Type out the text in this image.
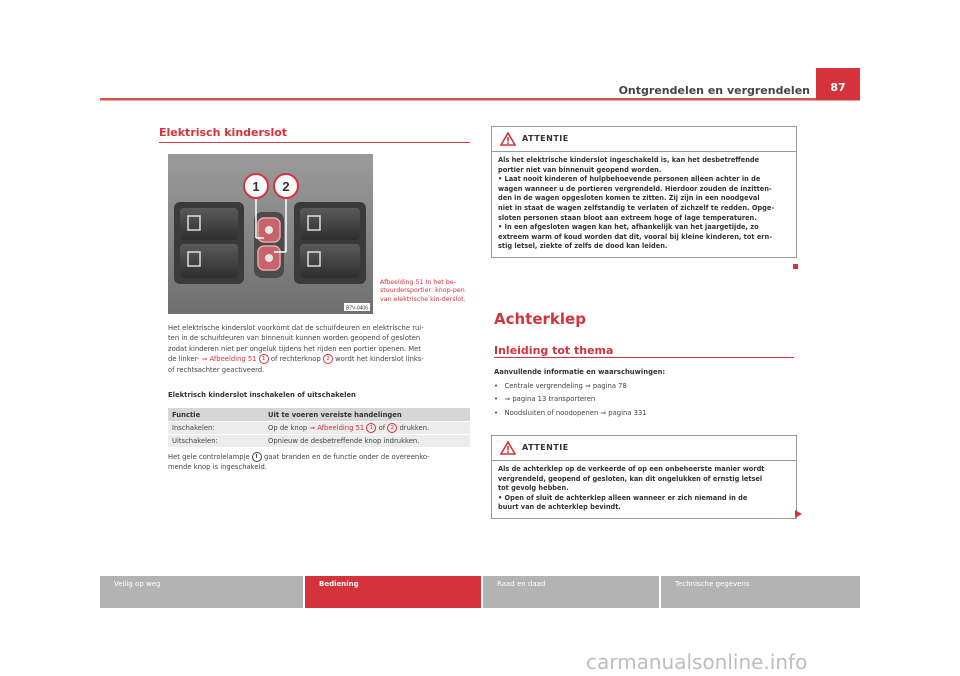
Ontgrendelen en vergrendelen	87
Elektrisch kinderslot
1 2
B7V-0406
Afbeelding 51 In het be-stuurdersportier: knop-pen van elektrische kin-derslot.
Het elektrische kinderslot voorkomt dat de schuifdeuren en elektrische rui-
ten in de schuifdeuren van binnenuit kunnen worden geopend of gesloten
zodat kinderen niet per ongeluk tijdens het rijden een portier openen. Met
de linker- ⇒ Afbeelding 51 1 of rechterknop 2 wordt het kinderslot links-
of rechtsachter geactiveerd.
Elektrisch kinderslot inschakelen of uitschakelen
Functie	Uit te voeren vereiste handelingen
Inschakelen:	Op de knop ⇒ Afbeelding 51 1 of 2 drukken.
Uitschakelen:	Opnieuw de desbetreffende knop indrukken.
Het gele controlelampje gaat branden en de functie onder de overeenko-
mende knop is ingeschakeld.
ATTENTIE
Als het elektrische kinderslot ingeschakeld is, kan het desbetreffende
portier niet van binnenuit geopend worden.
• Laat nooit kinderen of hulpbehoevende personen alleen achter in de
wagen wanneer u de portieren vergrendeld. Hierdoor zouden de inzitten-
den in de wagen opgesloten komen te zitten. Zij zijn in een noodgeval
niet in staat de wagen zelfstandig te verlaten of zichzelf te redden. Opge-
sloten personen staan bloot aan extreem hoge of lage temperaturen.
• In een afgesloten wagen kan het, afhankelijk van het jaargetijde, zo
extreem warm of koud worden dat dit, vooral bij kleine kinderen, tot ern-
stig letsel, ziekte of zelfs de dood kan leiden.
Achterklep
Inleiding tot thema
Aanvullende informatie en waarschuwingen:
•   Centrale vergrendeling ⇒ pagina 78
•   ⇒ pagina 13 transporteren
•   Noodsluiten of noodopenen ⇒ pagina 331
ATTENTIE
Als de achterklep op de verkeerde of op een onbeheerste manier wordt
vergrendeld, geopend of gesloten, kan dit ongelukken of ernstig letsel
tot gevolg hebben.
• Open of sluit de achterklep alleen wanneer er zich niemand in de
buurt van de achterklep bevindt.
Veilig op weg	Bediening	Raad en daad	Technische gegevens
carmanualsonline.info
